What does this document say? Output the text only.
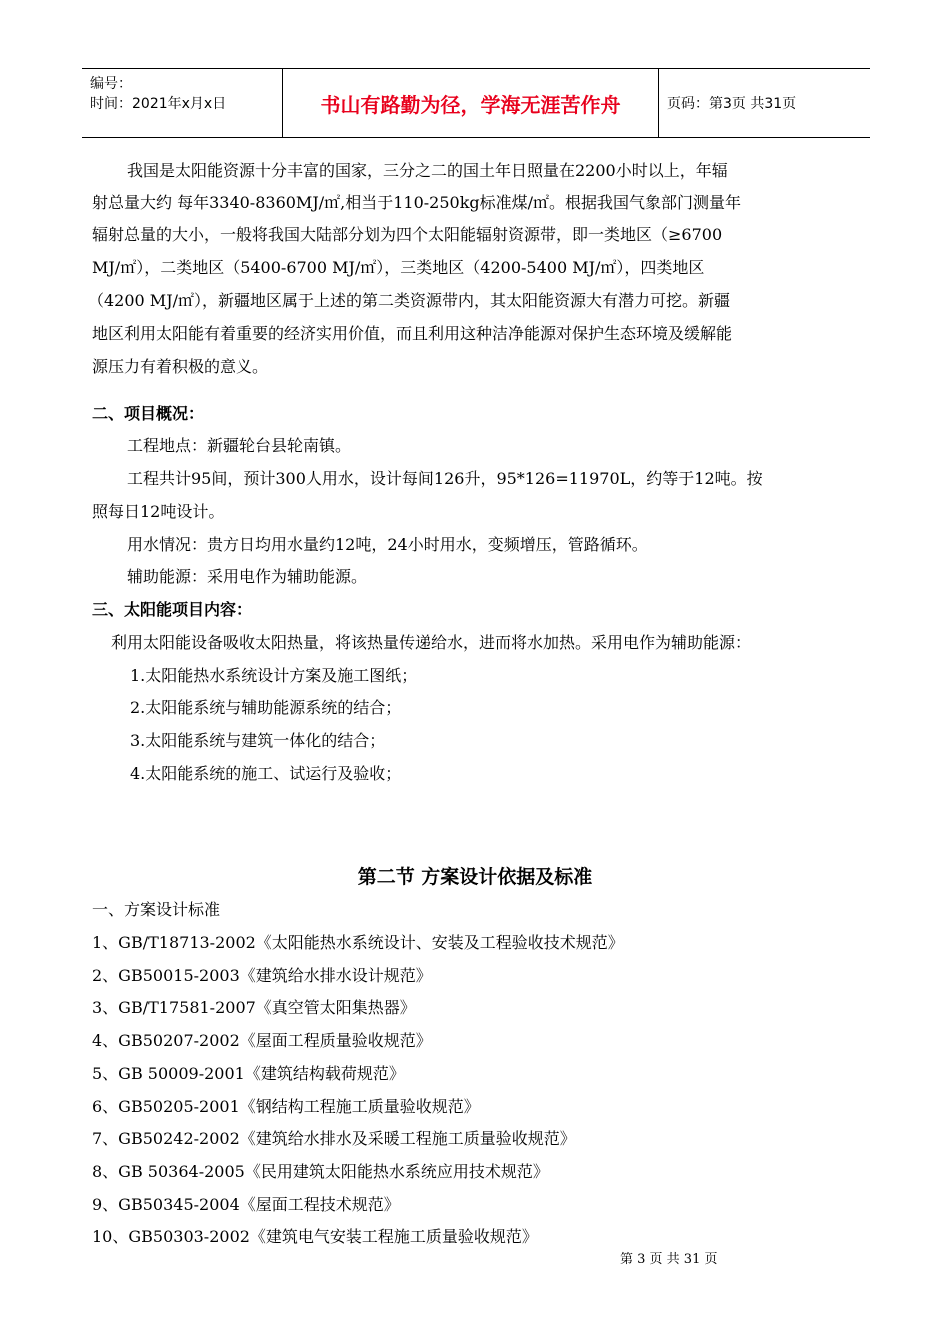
编号：
时间：2021年x月x日	书山有路勤为径，学海无涯苦作舟	页码：第3页 共31页
我国是太阳能资源十分丰富的国家，三分之二的国土年日照量在2200小时以上，年辐
射总量大约 每年3340-8360MJ/㎡,相当于110-250kg标准煤/㎡。根据我国气象部门测量年
辐射总量的大小，一般将我国大陆部分划为四个太阳能辐射资源带，即一类地区（≥6700
MJ/㎡），二类地区（5400-6700 MJ/㎡），三类地区（4200-5400 MJ/㎡），四类地区
（4200 MJ/㎡），新疆地区属于上述的第二类资源带内，其太阳能资源大有潜力可挖。新疆
地区利用太阳能有着重要的经济实用价值，而且利用这种洁净能源对保护生态环境及缓解能
源压力有着积极的意义。
二、项目概况：
工程地点：新疆轮台县轮南镇。
工程共计95间，预计300人用水，设计每间126升，95*126=11970L，约等于12吨。按
照每日12吨设计。
用水情况：贵方日均用水量约12吨，24小时用水，变频增压，管路循环。
辅助能源：采用电作为辅助能源。
三、太阳能项目内容：
利用太阳能设备吸收太阳热量，将该热量传递给水，进而将水加热。采用电作为辅助能源：
1.太阳能热水系统设计方案及施工图纸；
2.太阳能系统与辅助能源系统的结合；
3.太阳能系统与建筑一体化的结合；
4.太阳能系统的施工、试运行及验收；
第二节 方案设计依据及标准
一、方案设计标准
1、GB/T18713-2002《太阳能热水系统设计、安装及工程验收技术规范》
2、GB50015-2003《建筑给水排水设计规范》
3、GB/T17581-2007《真空管太阳集热器》
4、GB50207-2002《屋面工程质量验收规范》
5、GB 50009-2001《建筑结构载荷规范》
6、GB50205-2001《钢结构工程施工质量验收规范》
7、GB50242-2002《建筑给水排水及采暖工程施工质量验收规范》
8、GB 50364-2005《民用建筑太阳能热水系统应用技术规范》
9、GB50345-2004《屋面工程技术规范》
10、GB50303-2002《建筑电气安装工程施工质量验收规范》
第 3 页 共 31 页
